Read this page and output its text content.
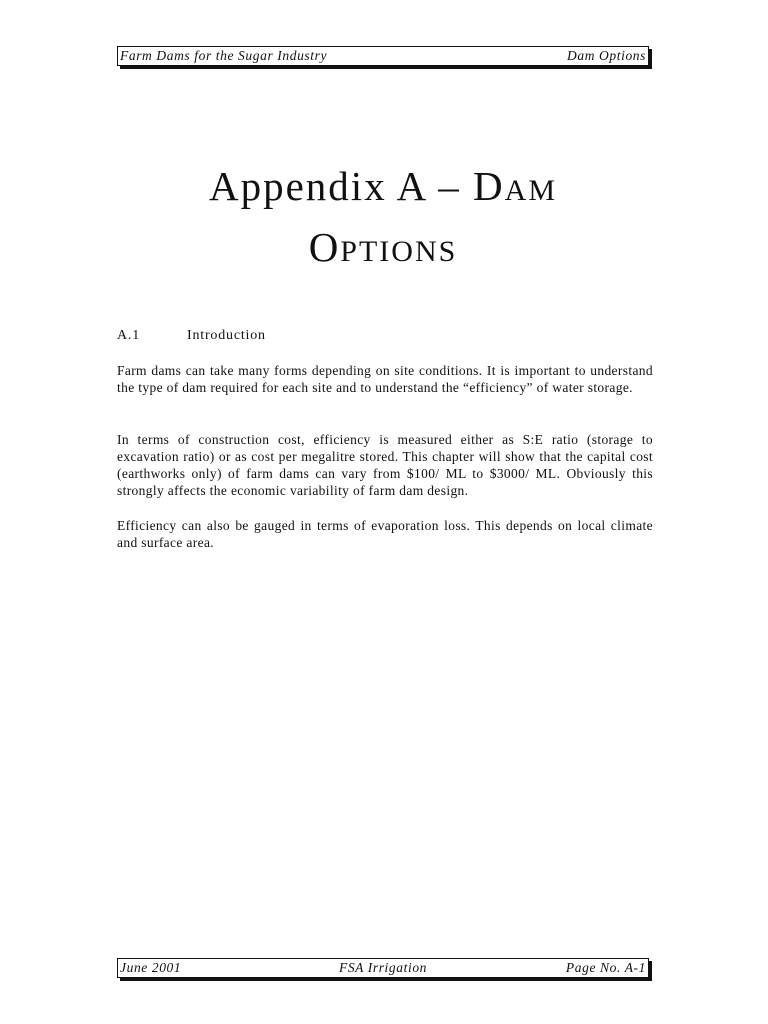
Farm Dams for the Sugar Industry	Dam Options
Appendix A – DAM
OPTIONS
A.1	Introduction

Farm dams can take many forms depending on site conditions. It is important to understand the type of dam required for each site and to understand the “efficiency” of water storage.

In terms of construction cost, efficiency is measured either as S:E ratio (storage to excavation ratio) or as cost per megalitre stored. This chapter will show that the capital cost (earthworks only) of farm dams can vary from $100/ ML to $3000/ ML. Obviously this strongly affects the economic variability of farm dam design.

Efficiency can also be gauged in terms of evaporation loss. This depends on local climate and surface area.

June 2001	FSA Irrigation	Page No. A-1
